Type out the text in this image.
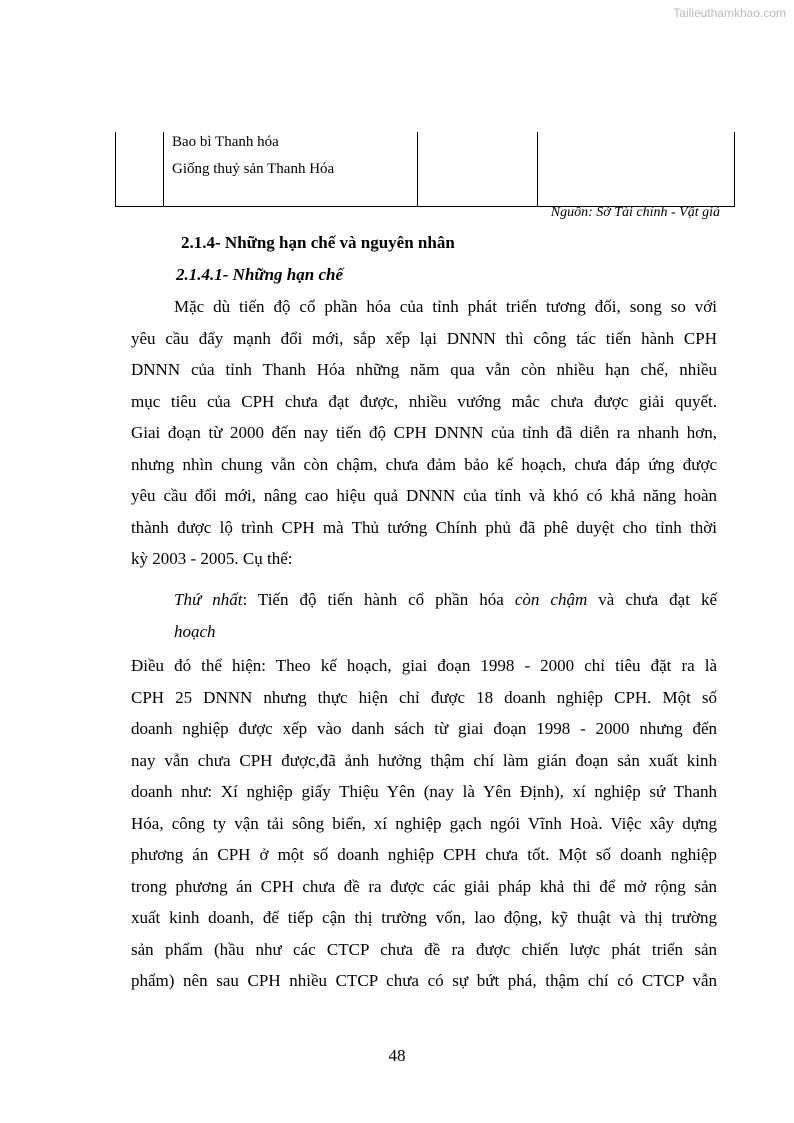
Tailieuthamkhao.com
Bao bì Thanh hóa
Giống thuỷ sản Thanh Hóa
Nguồn: Sở Tài chính - Vật giá
2.1.4- Những hạn chế và nguyên nhân
2.1.4.1- Những hạn chế
Mặc dù tiến độ cổ phần hóa của tỉnh phát triển tương đối, song so với
yêu cầu đẩy mạnh đổi mới, sắp xếp lại DNNN thì công tác tiến hành CPH
DNNN của tỉnh Thanh Hóa những năm qua vẫn còn nhiều hạn chế, nhiều
mục tiêu của CPH chưa đạt được, nhiều vướng mắc chưa được giải quyết.
Giai đoạn từ 2000 đến nay tiến độ CPH DNNN của tỉnh đã diễn ra nhanh hơn,
nhưng nhìn chung vẫn còn chậm, chưa đảm bảo kế hoạch, chưa đáp ứng được
yêu cầu đổi mới, nâng cao hiệu quả DNNN của tỉnh và khó có khả năng hoàn
thành được lộ trình CPH mà Thủ tướng Chính phủ đã phê duyệt cho tỉnh thời
kỳ 2003 - 2005. Cụ thể:
Thứ nhất: Tiến độ tiến hành cổ phần hóa còn chậm và chưa đạt kế
hoạch
Điều đó thể hiện: Theo kế hoạch, giai đoạn 1998 - 2000 chỉ tiêu đặt ra là
CPH 25 DNNN nhưng thực hiện chỉ được 18 doanh nghiệp CPH. Một số
doanh nghiệp được xếp vào danh sách từ giai đoạn 1998 - 2000 nhưng đến
nay vẫn chưa CPH được,đã ảnh hưởng thậm chí làm gián đoạn sản xuất kinh
doanh như: Xí nghiệp giấy Thiệu Yên (nay là Yên Định), xí nghiệp sứ Thanh
Hóa, công ty vận tải sông biển, xí nghiệp gạch ngói Vĩnh Hoà. Việc xây dựng
phương án CPH ở một số doanh nghiệp CPH chưa tốt. Một số doanh nghiệp
trong phương án CPH chưa đề ra được các giải pháp khả thi để mở rộng sản
xuất kinh doanh, để tiếp cận thị trường vốn, lao động, kỹ thuật và thị trường
sản phẩm (hầu như các CTCP chưa đề ra được chiến lược phát triển sản
phẩm) nên sau CPH nhiều CTCP chưa có sự bứt phá, thậm chí có CTCP vẫn
48
